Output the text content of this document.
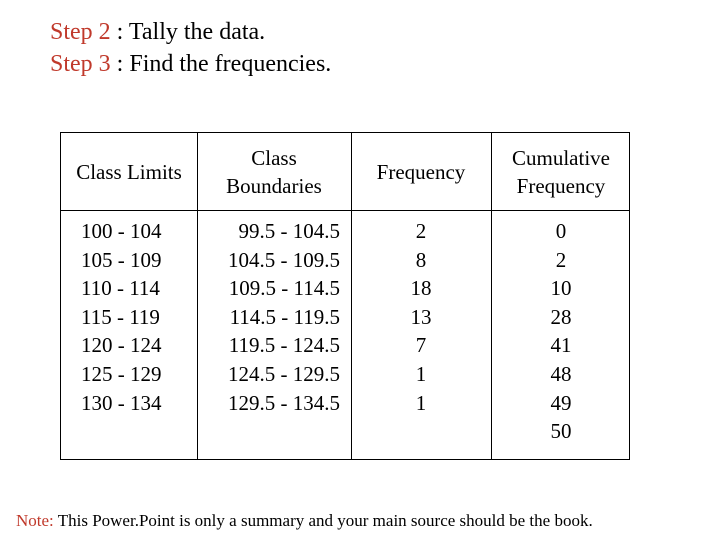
Step 2 : Tally the data.
Step 3 : Find the frequencies.
Class Limits
Class
Boundaries
Frequency
Cumulative
Frequency
100 - 104
105 - 109
110 - 114
115 - 119
120 - 124
125 - 129
130 - 134
99.5 - 104.5
104.5 - 109.5
109.5 - 114.5
114.5 - 119.5
119.5 - 124.5
124.5 - 129.5
129.5 - 134.5
2
8
18
13
7
1
1
0
2
10
28
41
48
49
50
Note: This Power.Point is only a summary and your main source should be the book.
